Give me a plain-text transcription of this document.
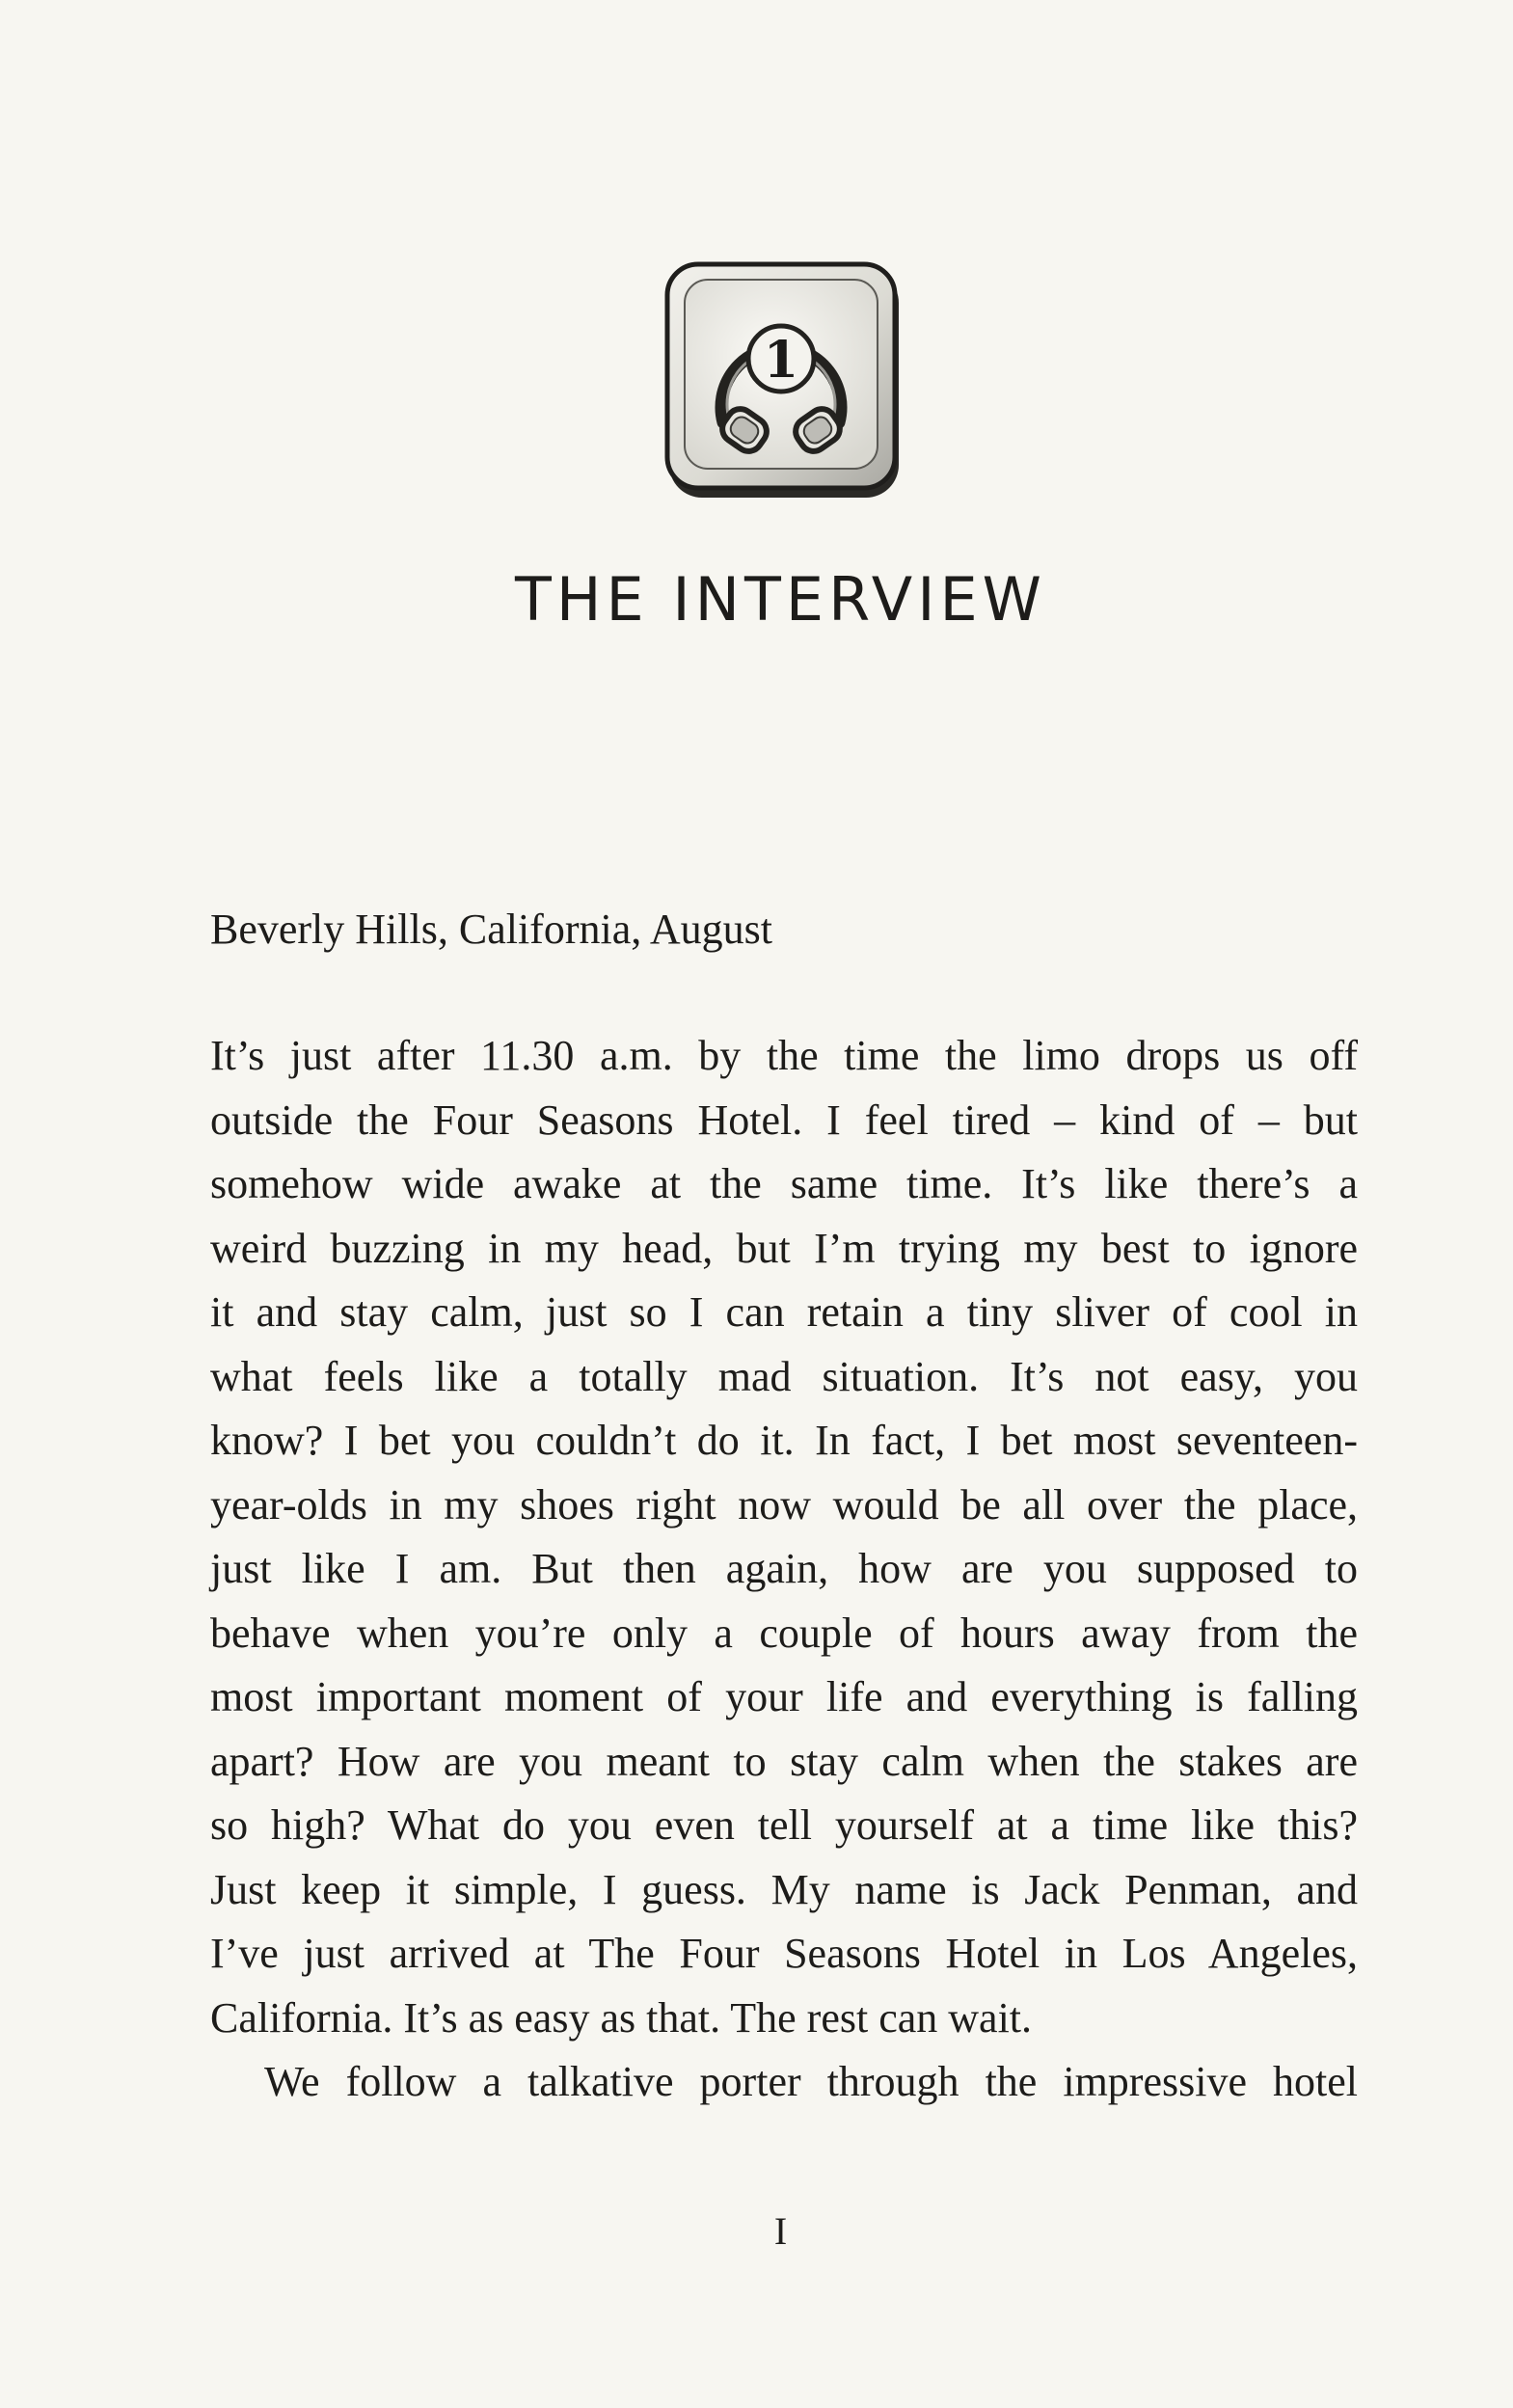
1
THE INTERVIEW

Beverly Hills, California, August

It’s just after 11.30 a.m. by the time the limo drops us off
outside the Four Seasons Hotel. I feel tired – kind of – but
somehow wide awake at the same time. It’s like there’s a
weird buzzing in my head, but I’m trying my best to ignore
it and stay calm, just so I can retain a tiny sliver of cool in
what feels like a totally mad situation. It’s not easy, you
know? I bet you couldn’t do it. In fact, I bet most seventeen-
year-olds in my shoes right now would be all over the place,
just like I am. But then again, how are you supposed to
behave when you’re only a couple of hours away from the
most important moment of your life and everything is falling
apart? How are you meant to stay calm when the stakes are
so high? What do you even tell yourself at a time like this?
Just keep it simple, I guess. My name is Jack Penman, and
I’ve just arrived at The Four Seasons Hotel in Los Angeles,
California. It’s as easy as that. The rest can wait.
We follow a talkative porter through the impressive hotel

I
